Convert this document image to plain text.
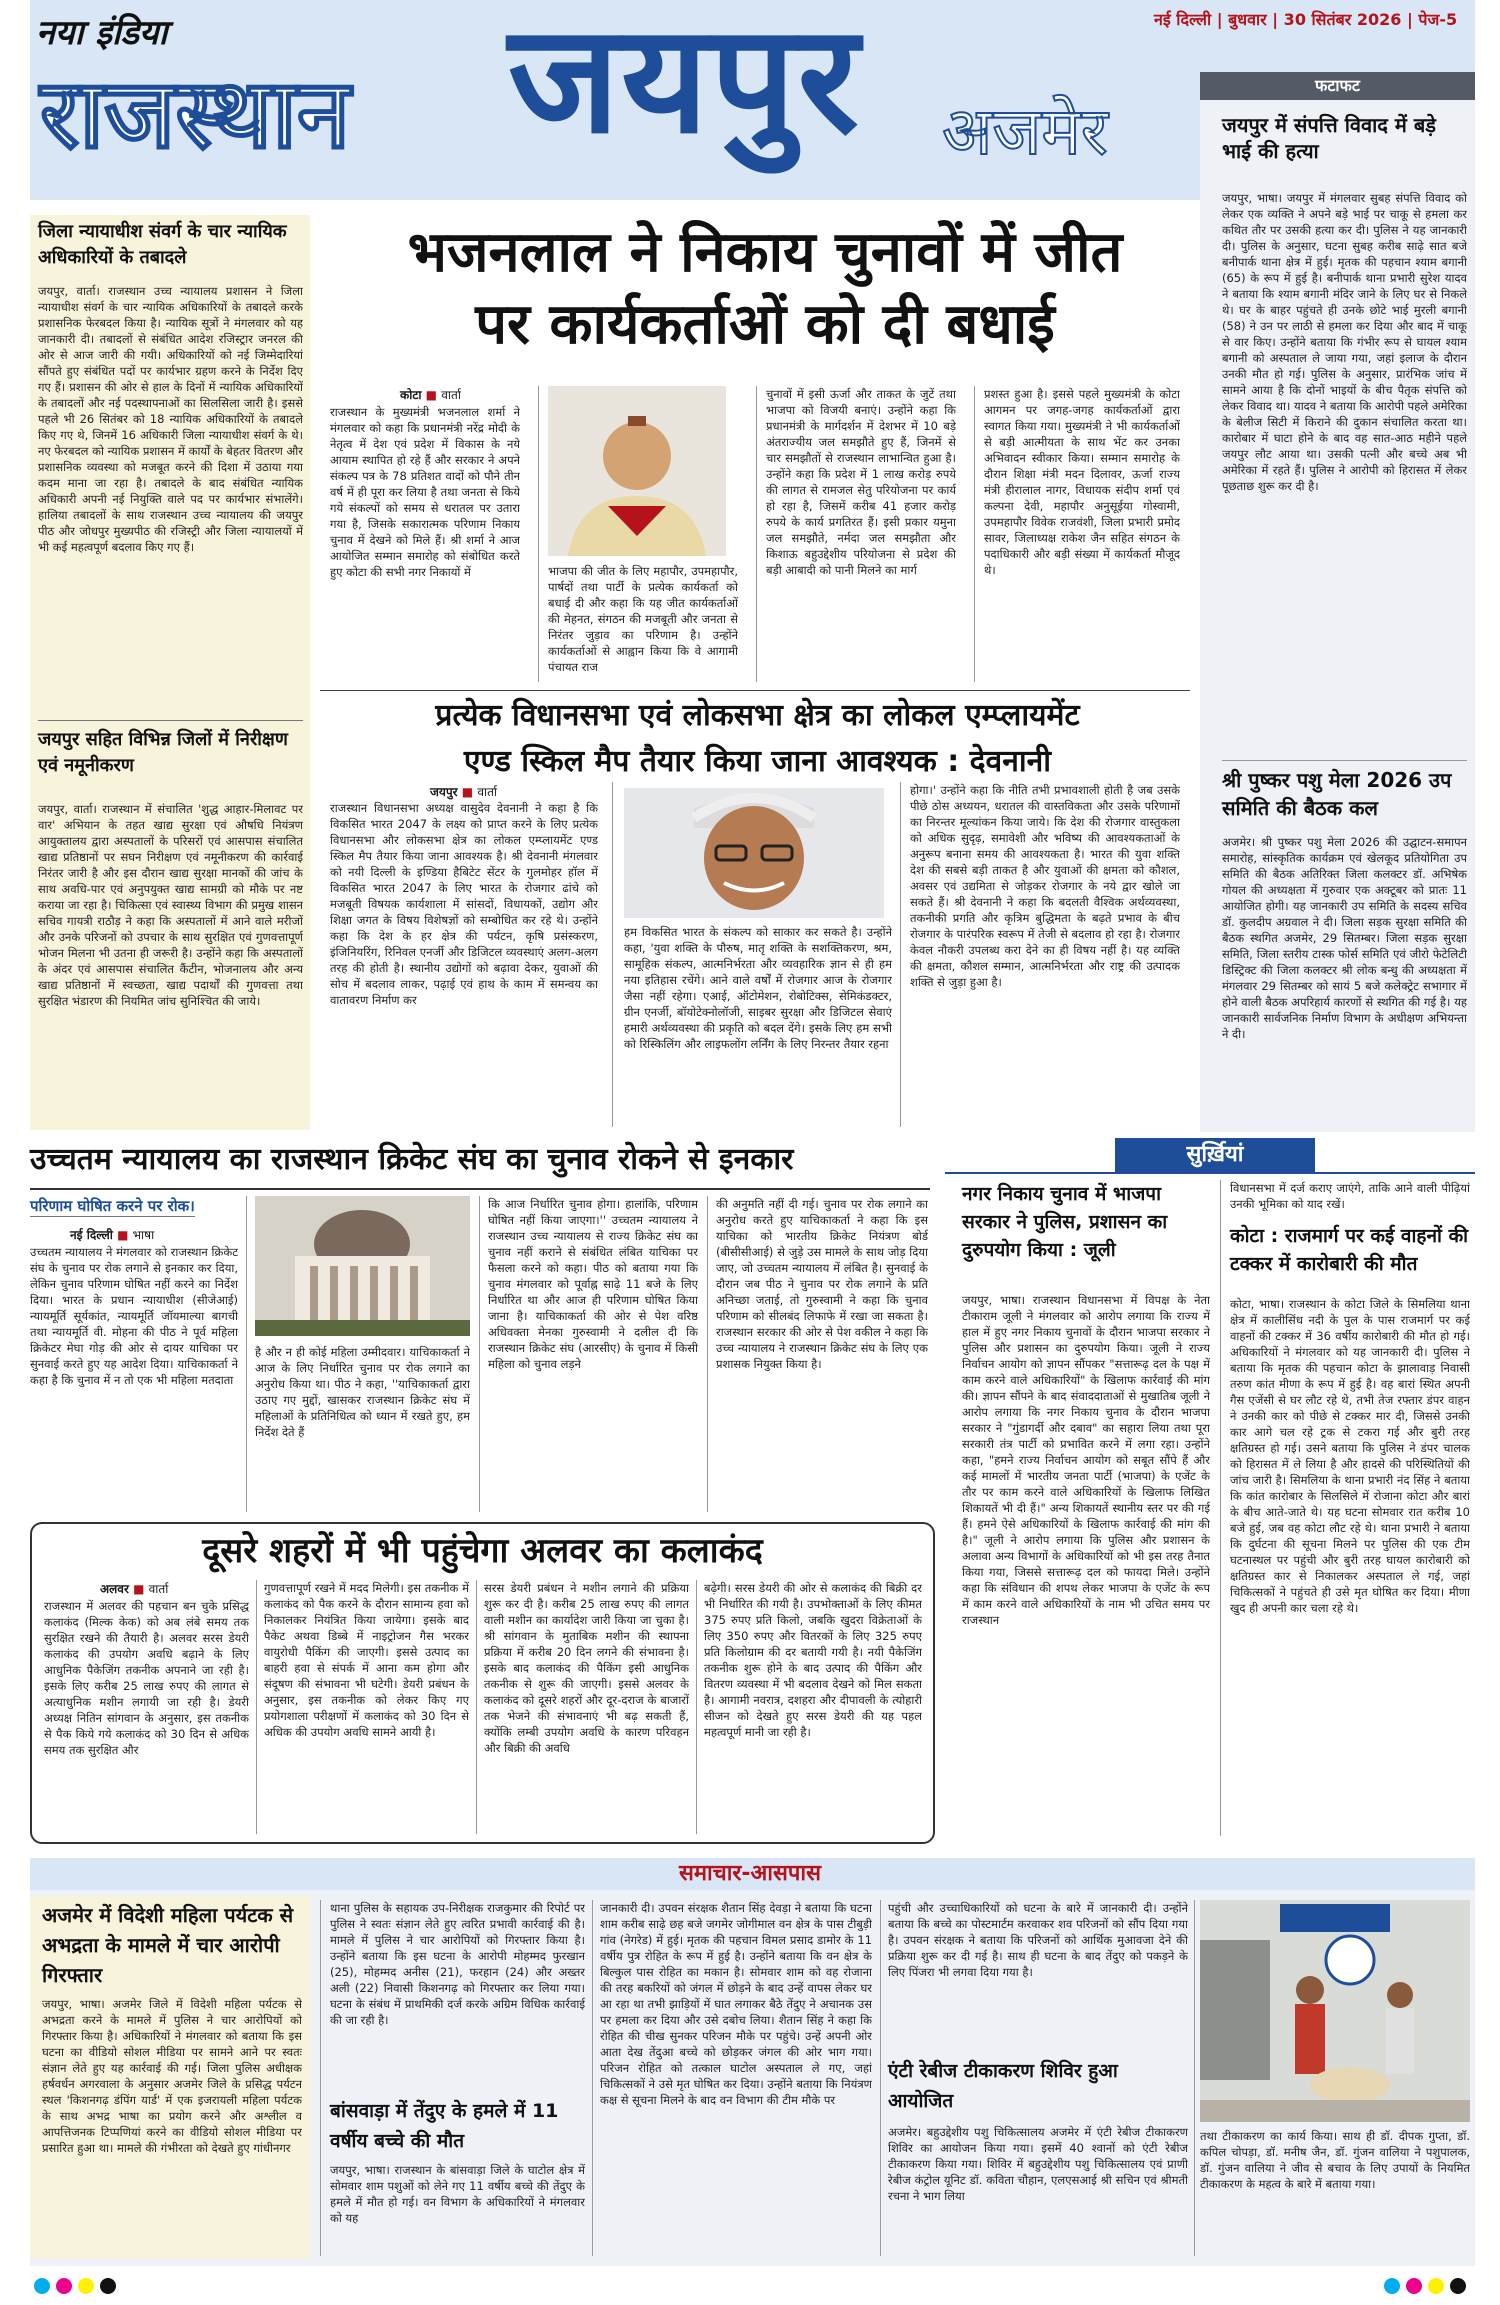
नया इंडिया
राजस्थान जयपुर अजमेर
नई दिल्ली | बुधवार | 30 सितंबर 2026 | पेज-5
फटाफट
जयपुर में संपत्ति विवाद में बड़े भाई की हत्या
जयपुर, भाषा। जयपुर में मंगलवार सुबह संपत्ति विवाद को लेकर एक व्यक्ति ने अपने बड़े भाई पर चाकू से हमला कर कथित तौर पर उसकी हत्या कर दी। पुलिस ने यह जानकारी दी। पुलिस के अनुसार, घटना सुबह करीब साढ़े सात बजे बनीपार्क थाना क्षेत्र में हुई। मृतक की पहचान श्याम बगानी (65) के रूप में हुई है। बनीपार्क थाना प्रभारी सुरेश यादव ने बताया कि श्याम बगानी मंदिर जाने के लिए घर से निकले थे। घर के बाहर पहुंचते ही उनके छोटे भाई मुरली बगानी (58) ने उन पर लाठी से हमला कर दिया और बाद में चाकू से वार किए। उन्होंने बताया कि गंभीर रूप से घायल श्याम बगानी को अस्पताल ले जाया गया, जहां इलाज के दौरान उनकी मौत हो गई। पुलिस के अनुसार, प्रारंभिक जांच में सामने आया है कि दोनों भाइयों के बीच पैतृक संपत्ति को लेकर विवाद था। यादव ने बताया कि आरोपी पहले अमेरिका के बेलीज सिटी में किराने की दुकान संचालित करता था। कारोबार में घाटा होने के बाद वह सात-आठ महीने पहले जयपुर लौट आया था। उसकी पत्नी और बच्चे अब भी अमेरिका में रहते हैं। पुलिस ने आरोपी को हिरासत में लेकर पूछताछ शुरू कर दी है।
श्री पुष्कर पशु मेला 2026 उप समिति की बैठक कल
अजमेर। श्री पुष्कर पशु मेला 2026 की उद्घाटन-समापन समारोह, सांस्कृतिक कार्यक्रम एवं खेलकूद प्रतियोगिता उप समिति की बैठक अतिरिक्त जिला कलक्टर डॉ. अभिषेक गोयल की अध्यक्षता में गुरुवार एक अक्टूबर को प्रातः 11 आयोजित होगी। यह जानकारी उप समिति के सदस्य सचिव डॉ. कुलदीप अग्रवाल ने दी। जिला सड़क सुरक्षा समिति की बैठक स्थगित अजमेर, 29 सितम्बर। जिला सड़क सुरक्षा समिति, जिला स्तरीय टास्क फोर्स समिति एवं जीरो फेटेलिटी डिस्ट्रिक्ट की जिला कलक्टर श्री लोक बन्धु की अध्यक्षता में मंगलवार 29 सितम्बर को सायं 5 बजे कलेक्ट्रेट सभागार में होने वाली बैठक अपरिहार्य कारणों से स्थगित की गई है। यह जानकारी सार्वजनिक निर्माण विभाग के अधीक्षण अभियन्ता ने दी।
जिला न्यायाधीश संवर्ग के चार न्यायिक अधिकारियों के तबादले
जयपुर, वार्ता। राजस्थान उच्च न्यायालय प्रशासन ने जिला न्यायाधीश संवर्ग के चार न्यायिक अधिकारियों के तबादले करके प्रशासनिक फेरबदल किया है। न्यायिक सूत्रों ने मंगलवार को यह जानकारी दी। तबादलों से संबंधित आदेश रजिस्ट्रार जनरल की ओर से आज जारी की गयी। अधिकारियों को नई जिम्मेदारियां सौंपते हुए संबंधित पदों पर कार्यभार ग्रहण करने के निर्देश दिए गए हैं। प्रशासन की ओर से हाल के दिनों में न्यायिक अधिकारियों के तबादलों और नई पदस्थापनाओं का सिलसिला जारी है। इससे पहले भी 26 सितंबर को 18 न्यायिक अधिकारियों के तबादले किए गए थे, जिनमें 16 अधिकारी जिला न्यायाधीश संवर्ग के थे। नए फेरबदल को न्यायिक प्रशासन में कार्यों के बेहतर वितरण और प्रशासनिक व्यवस्था को मजबूत करने की दिशा में उठाया गया कदम माना जा रहा है। तबादले के बाद संबंधित न्यायिक अधिकारी अपनी नई नियुक्ति वाले पद पर कार्यभार संभालेंगे। हालिया तबादलों के साथ राजस्थान उच्च न्यायालय की जयपुर पीठ और जोधपुर मुख्यपीठ की रजिस्ट्री और जिला न्यायालयों में भी कई महत्वपूर्ण बदलाव किए गए हैं।
जयपुर सहित विभिन्न जिलों में निरीक्षण एवं नमूनीकरण
जयपुर, वार्ता। राजस्थान में संचालित 'शुद्ध आहार-मिलावट पर वार' अभियान के तहत खाद्य सुरक्षा एवं औषधि नियंत्रण आयुक्तालय द्वारा अस्पतालों के परिसरों एवं आसपास संचालित खाद्य प्रतिष्ठानों पर सघन निरीक्षण एवं नमूनीकरण की कार्रवाई निरंतर जारी है और इस दौरान खाद्य सुरक्षा मानकों की जांच के साथ अवधि-पार एवं अनुपयुक्त खाद्य सामग्री को मौके पर नष्ट कराया जा रहा है। चिकित्सा एवं स्वास्थ्य विभाग की प्रमुख शासन सचिव गायत्री राठौड़ ने कहा कि अस्पतालों में आने वाले मरीजों और उनके परिजनों को उपचार के साथ सुरक्षित एवं गुणवत्तापूर्ण भोजन मिलना भी उतना ही जरूरी है। उन्होंने कहा कि अस्पतालों के अंदर एवं आसपास संचालित कैंटीन, भोजनालय और अन्य खाद्य प्रतिष्ठानों में स्वच्छता, खाद्य पदार्थों की गुणवत्ता तथा सुरक्षित भंडारण की नियमित जांच सुनिश्चित की जाये।
भजनलाल ने निकाय चुनावों में जीत
पर कार्यकर्ताओं को दी बधाई
कोटा ■ वार्ता
राजस्थान के मुख्यमंत्री भजनलाल शर्मा ने मंगलवार को कहा कि प्रधानमंत्री नरेंद्र मोदी के नेतृत्व में देश एवं प्रदेश में विकास के नये आयाम स्थापित हो रहे हैं और सरकार ने अपने संकल्प पत्र के 78 प्रतिशत वादों को पौने तीन वर्ष में ही पूरा कर लिया है तथा जनता से किये गये संकल्पों को समय से धरातल पर उतारा गया है, जिसके सकारात्मक परिणाम निकाय चुनाव में देखने को मिले हैं। श्री शर्मा ने आज आयोजित सम्मान समारोह को संबोधित करते हुए कोटा की सभी नगर निकायों में	भाजपा की जीत के लिए महापौर, उपमहापौर, पार्षदों तथा पार्टी के प्रत्येक कार्यकर्ता को बधाई दी और कहा कि यह जीत कार्यकर्ताओं की मेहनत, संगठन की मजबूती और जनता से निरंतर जुड़ाव का परिणाम है। उन्होंने कार्यकर्ताओं से आह्वान किया कि वे आगामी पंचायत राज
चुनावों में इसी ऊर्जा और ताकत के जुटें तथा भाजपा को विजयी बनाएं। उन्होंने कहा कि प्रधानमंत्री के मार्गदर्शन में देशभर में 10 बड़े अंतराज्यीय जल समझौते हुए हैं, जिनमें से चार समझौतों से राजस्थान लाभान्वित हुआ है। उन्होंने कहा कि प्रदेश में 1 लाख करोड़ रुपये की लागत से रामजल सेतु परियोजना पर कार्य हो रहा है, जिसमें करीब 41 हजार करोड़ रुपये के कार्य प्रगतिरत हैं। इसी प्रकार यमुना जल समझौते, नर्मदा जल समझौता और किशाऊ बहुउद्देशीय परियोजना से प्रदेश की बड़ी आबादी को पानी मिलने का मार्ग
प्रशस्त हुआ है। इससे पहले मुख्यमंत्री के कोटा आगमन पर जगह-जगह कार्यकर्ताओं द्वारा स्वागत किया गया। मुख्यमंत्री ने भी कार्यकर्ताओं से बड़ी आत्मीयता के साथ भेंट कर उनका अभिवादन स्वीकार किया। सम्मान समारोह के दौरान शिक्षा मंत्री मदन दिलावर, ऊर्जा राज्य मंत्री हीरालाल नागर, विधायक संदीप शर्मा एवं कल्पना देवी, महापौर अनुसूईया गोस्वामी, उपमहापौर विवेक राजवंशी, जिला प्रभारी प्रमोद सावर, जिलाध्यक्ष राकेश जैन सहित संगठन के पदाधिकारी और बड़ी संख्या में कार्यकर्ता मौजूद थे।
प्रत्येक विधानसभा एवं लोकसभा क्षेत्र का लोकल एम्प्लायमेंट
एण्ड स्किल मैप तैयार किया जाना आवश्यक : देवनानी
जयपुर ■ वार्ता
राजस्थान विधानसभा अध्यक्ष वासुदेव देवनानी ने कहा है कि विकसित भारत 2047 के लक्ष्य को प्राप्त करने के लिए प्रत्येक विधानसभा और लोकसभा क्षेत्र का लोकल एम्प्लायमेंट एण्ड स्किल मैप तैयार किया जाना आवश्यक है। श्री देवनानी मंगलवार को नयी दिल्ली के इण्डिया हैबिटेट सेंटर के गुलमोहर हॉल में विकसित भारत 2047 के लिए भारत के रोजगार ढांचे को मजबूती विषयक कार्यशाला में सांसदों, विधायकों, उद्योग और शिक्षा जगत के विषय विशेषज्ञों को सम्बोधित कर रहे थे। उन्होंने कहा कि देश के हर क्षेत्र की पर्यटन, कृषि प्रसंस्करण, इंजिनियरिंग, रिनिवल एनर्जी और डिजिटल व्यवस्थाएं अलग-अलग तरह की होती है। स्थानीय उद्योगों को बढ़ावा देकर, युवाओं की सोच में बदलाव लाकर, पढ़ाई एवं हाथ के काम में समन्वय का वातावरण निर्माण कर
हम विकसित भारत के संकल्प को साकार कर सकते है। उन्होंने कहा, 'युवा शक्ति के पौरुष, मातृ शक्ति के सशक्तिकरण, श्रम, सामूहिक संकल्प, आत्मनिर्भरता और व्यवहारिक ज्ञान से ही हम नया इतिहास रचेंगे। आने वाले वर्षों में रोजगार आज के रोजगार जैसा नहीं रहेगा। एआई, ऑटोमेशन, रोबोटिक्स, सेमिकंडक्टर, ग्रीन एनर्जी, बॉयोटेक्नोलॉजी, साइबर सुरक्षा और डिजिटल सेवाएं हमारी अर्थव्यवस्था की प्रकृति को बदल देंगे। इसके लिए हम सभी को रिस्किलिंग और लाइफलोंग लर्निंग के लिए निरन्तर तैयार रहना
होगा।' उन्होंने कहा कि नीति तभी प्रभावशाली होती है जब उसके पीछे ठोस अध्ययन, धरातल की वास्तविकता और उसके परिणामों का निरन्तर मूल्यांकन किया जाये। कि देश की रोजगार वास्तुकला को अधिक सुदृढ़, समावेशी और भविष्य की आवश्यकताओं के अनुरूप बनाना समय की आवश्यकता है। भारत की युवा शक्ति देश की सबसे बड़ी ताकत है और युवाओं की क्षमता को कौशल, अवसर एवं उद्यमिता से जोड़कर रोजगार के नये द्वार खोले जा सकते हैं। श्री देवनानी ने कहा कि बदलती वैश्विक अर्थव्यवस्था, तकनीकी प्रगति और कृत्रिम बुद्धिमता के बढ़ते प्रभाव के बीच रोजगार के पारंपरिक स्वरूप में तेजी से बदलाव हो रहा है। रोजगार केवल नौकरी उपलब्ध करा देने का ही विषय नहीं है। यह व्यक्ति की क्षमता, कौशल सम्मान, आत्मनिर्भरता और राष्ट्र की उत्पादक शक्ति से जुड़ा हुआ है।
उच्चतम न्यायालय का राजस्थान क्रिकेट संघ का चुनाव रोकने से इनकार
परिणाम घोषित करने पर रोक।
नई दिल्ली ■ भाषा
उच्चतम न्यायालय ने मंगलवार को राजस्थान क्रिकेट संघ के चुनाव पर रोक लगाने से इनकार कर दिया, लेकिन चुनाव परिणाम घोषित नहीं करने का निर्देश दिया। भारत के प्रधान न्यायाधीश (सीजेआई) न्यायमूर्ति सूर्यकांत, न्यायमूर्ति जॉयमाल्या बागची तथा न्यायमूर्ति वी. मोहना की पीठ ने पूर्व महिला क्रिकेटर मेघा गोड़ की ओर से दायर याचिका पर सुनवाई करते हुए यह आदेश दिया। याचिकाकर्ता ने कहा है कि चुनाव में न तो एक भी महिला मतदाता
है और न ही कोई महिला उम्मीदवार। याचिकाकर्ता ने आज के लिए निर्धारित चुनाव पर रोक लगाने का अनुरोध किया था। पीठ ने कहा, ''याचिकाकर्ता द्वारा उठाए गए मुद्दों, खासकर राजस्थान क्रिकेट संघ में महिलाओं के प्रतिनिधित्व को ध्यान में रखते हुए, हम निर्देश देते हैं
कि आज निर्धारित चुनाव होगा। हालांकि, परिणाम घोषित नहीं किया जाएगा।'' उच्चतम न्यायालय ने राजस्थान उच्च न्यायालय से राज्य क्रिकेट संघ का चुनाव नहीं कराने से संबंधित लंबित याचिका पर फैसला करने को कहा। पीठ को बताया गया कि चुनाव मंगलवार को पूर्वाह्न साढ़े 11 बजे के लिए निर्धारित था और आज ही परिणाम घोषित किया जाना है। याचिकाकर्ता की ओर से पेश वरिष्ठ अधिवक्ता मेनका गुरुस्वामी ने दलील दी कि राजस्थान क्रिकेट संघ (आरसीए) के चुनाव में किसी महिला को चुनाव लड़ने
की अनुमति नहीं दी गई। चुनाव पर रोक लगाने का अनुरोध करते हुए याचिकाकर्ता ने कहा कि इस याचिका को भारतीय क्रिकेट नियंत्रण बोर्ड (बीसीसीआई) से जुड़े उस मामले के साथ जोड़ दिया जाए, जो उच्चतम न्यायालय में लंबित है। सुनवाई के दौरान जब पीठ ने चुनाव पर रोक लगाने के प्रति अनिच्छा जताई, तो गुरुस्वामी ने कहा कि चुनाव परिणाम को सीलबंद लिफाफे में रखा जा सकता है। राजस्थान सरकार की ओर से पेश वकील ने कहा कि उच्च न्यायालय ने राजस्थान क्रिकेट संघ के लिए एक प्रशासक नियुक्त किया है।
सुर्ख़ियां
नगर निकाय चुनाव में भाजपा सरकार ने पुलिस, प्रशासन का दुरुपयोग किया : जूली
जयपुर, भाषा। राजस्थान विधानसभा में विपक्ष के नेता टीकाराम जूली ने मंगलवार को आरोप लगाया कि राज्य में हाल में हुए नगर निकाय चुनावों के दौरान भाजपा सरकार ने पुलिस और प्रशासन का दुरुपयोग किया। जूली ने राज्य निर्वाचन आयोग को ज्ञापन सौंपकर "सत्तारूढ़ दल के पक्ष में काम करने वाले अधिकारियों" के खिलाफ कार्रवाई की मांग की। ज्ञापन सौंपने के बाद संवाददाताओं से मुखातिब जूली ने आरोप लगाया कि नगर निकाय चुनाव के दौरान भाजपा सरकार ने "गुंडागर्दी और दबाव" का सहारा लिया तथा पूरा सरकारी तंत्र पार्टी को प्रभावित करने में लगा रहा। उन्होंने कहा, "हमने राज्य निर्वाचन आयोग को सबूत सौंपे हैं और कई मामलों में भारतीय जनता पार्टी (भाजपा) के एजेंट के तौर पर काम करने वाले अधिकारियों के खिलाफ लिखित शिकायतें भी दी हैं।" अन्य शिकायतें स्थानीय स्तर पर की गई हैं। हमने ऐसे अधिकारियों के खिलाफ कार्रवाई की मांग की है।" जूली ने आरोप लगाया कि पुलिस और प्रशासन के अलावा अन्य विभागों के अधिकारियों को भी इस तरह तैनात किया गया, जिससे सत्तारूढ़ दल को फायदा मिले। उन्होंने कहा कि संविधान की शपथ लेकर भाजपा के एजेंट के रूप में काम करने वाले अधिकारियों के नाम भी उचित समय पर राजस्थान
विधानसभा में दर्ज कराए जाएंगे, ताकि आने वाली पीढ़ियां उनकी भूमिका को याद रखें।
कोटा : राजमार्ग पर कई वाहनों की टक्कर में कारोबारी की मौत
कोटा, भाषा। राजस्थान के कोटा जिले के सिमलिया थाना क्षेत्र में कालीसिंध नदी के पुल के पास राजमार्ग पर कई वाहनों की टक्कर में 36 वर्षीय कारोबारी की मौत हो गई। अधिकारियों ने मंगलवार को यह जानकारी दी। पुलिस ने बताया कि मृतक की पहचान कोटा के झालावाड़ निवासी तरुण कांत मीणा के रूप में हुई है। वह बारां स्थित अपनी गैस एजेंसी से घर लौट रहे थे, तभी तेज रफ्तार डंपर वाहन ने उनकी कार को पीछे से टक्कर मार दी, जिससे उनकी कार आगे चल रहे ट्रक से टकरा गई और बुरी तरह क्षतिग्रस्त हो गई। उसने बताया कि पुलिस ने डंपर चालक को हिरासत में ले लिया है और हादसे की परिस्थितियों की जांच जारी है। सिमलिया के थाना प्रभारी नंद सिंह ने बताया कि कांत कारोबार के सिलसिले में रोजाना कोटा और बारां के बीच आते-जाते थे। यह घटना सोमवार रात करीब 10 बजे हुई, जब वह कोटा लौट रहे थे। थाना प्रभारी ने बताया कि दुर्घटना की सूचना मिलने पर पुलिस की एक टीम घटनास्थल पर पहुंची और बुरी तरह घायल कारोबारी को क्षतिग्रस्त कार से निकालकर अस्पताल ले गई, जहां चिकित्सकों ने पहुंचते ही उसे मृत घोषित कर दिया। मीणा खुद ही अपनी कार चला रहे थे।
दूसरे शहरों में भी पहुंचेगा अलवर का कलाकंद
अलवर ■ वार्ता
राजस्थान में अलवर की पहचान बन चुके प्रसिद्ध कलाकंद (मिल्क केक) को अब लंबे समय तक सुरक्षित रखने की तैयारी है। अलवर सरस डेयरी कलाकंद की उपयोग अवधि बढ़ाने के लिए आधुनिक पैकेजिंग तकनीक अपनाने जा रही है। इसके लिए करीब 25 लाख रुपए की लागत से अत्याधुनिक मशीन लगायी जा रही है। डेयरी अध्यक्ष नितिन सांगवान के अनुसार, इस तकनीक से पैक किये गये कलाकंद को 30 दिन से अधिक समय तक सुरक्षित और
गुणवत्तापूर्ण रखने में मदद मिलेगी। इस तकनीक में कलाकंद को पैक करने के दौरान सामान्य हवा को निकालकर नियंत्रित किया जायेगा। इसके बाद पैकेट अथवा डिब्बे में नाइट्रोजन गैस भरकर वायुरोधी पैकिंग की जाएगी। इससे उत्पाद का बाहरी हवा से संपर्क में आना कम होगा और संदूषण की संभावना भी घटेगी। डेयरी प्रबंधन के अनुसार, इस तकनीक को लेकर किए गए प्रयोगशाला परीक्षणों में कलाकंद को 30 दिन से अधिक की उपयोग अवधि सामने आयी है।
सरस डेयरी प्रबंधन ने मशीन लगाने की प्रक्रिया शुरू कर दी है। करीब 25 लाख रुपए की लागत वाली मशीन का कार्यादेश जारी किया जा चुका है। श्री सांगवान के मुताबिक मशीन की स्थापना प्रक्रिया में करीब 20 दिन लगने की संभावना है। इसके बाद कलाकंद की पैकिंग इसी आधुनिक तकनीक से शुरू की जाएगी। इससे अलवर के कलाकंद को दूसरे शहरों और दूर-दराज के बाजारों तक भेजने की संभावनाएं भी बढ़ सकती हैं, क्योंकि लम्बी उपयोग अवधि के कारण परिवहन और बिक्री की अवधि
बढ़ेगी। सरस डेयरी की ओर से कलाकंद की बिक्री दर भी निर्धारित की गयी है। उपभोक्ताओं के लिए कीमत 375 रुपए प्रति किलो, जबकि खुदरा विक्रेताओं के लिए 350 रुपए और वितरकों के लिए 325 रुपए प्रति किलोग्राम की दर बतायी गयी है। नयी पैकेजिंग तकनीक शुरू होने के बाद उत्पाद की पैकिंग और वितरण व्यवस्था में भी बदलाव देखने को मिल सकता है। आगामी नवरात्र, दशहरा और दीपावली के त्योहारी सीजन को देखते हुए सरस डेयरी की यह पहल महत्वपूर्ण मानी जा रही है।
समाचार-आसपास
अजमेर में विदेशी महिला पर्यटक से अभद्रता के मामले में चार आरोपी गिरफ्तार
जयपुर, भाषा। अजमेर जिले में विदेशी महिला पर्यटक से अभद्रता करने के मामले में पुलिस ने चार आरोपियों को गिरफ्तार किया है। अधिकारियों ने मंगलवार को बताया कि इस घटना का वीडियो सोशल मीडिया पर सामने आने पर स्वतः संज्ञान लेते हुए यह कार्रवाई की गई। जिला पुलिस अधीक्षक हर्षवर्धन अगरवाला के अनुसार अजमेर जिले के प्रसिद्ध पर्यटन स्थल 'किशनगढ़ डंपिंग यार्ड' में एक इजरायली महिला पर्यटक के साथ अभद्र भाषा का प्रयोग करने और अश्लील व आपत्तिजनक टिप्पणियां करने का वीडियो सोशल मीडिया पर प्रसारित हुआ था। मामले की गंभीरता को देखते हुए गांधीनगर
थाना पुलिस के सहायक उप-निरीक्षक राजकुमार की रिपोर्ट पर पुलिस ने स्वतः संज्ञान लेते हुए त्वरित प्रभावी कार्रवाई की है। मामले में पुलिस ने चार आरोपियों को गिरफ्तार किया है। उन्होंने बताया कि इस घटना के आरोपी मोहम्मद फुरखान (25), मोहम्मद अनीस (21), फरहान (24) और अख्तर अली (22) निवासी किशनगढ़ को गिरफ्तार कर लिया गया। घटना के संबंध में प्राथमिकी दर्ज करके अग्रिम विधिक कार्रवाई की जा रही है।
बांसवाड़ा में तेंदुए के हमले में 11 वर्षीय बच्चे की मौत
जयपुर, भाषा। राजस्थान के बांसवाड़ा जिले के घाटोल क्षेत्र में सोमवार शाम पशुओं को लेने गए 11 वर्षीय बच्चे की तेंदुए के हमले में मौत हो गई। वन विभाग के अधिकारियों ने मंगलवार को यह
जानकारी दी। उपवन संरक्षक शैतान सिंह देवड़ा ने बताया कि घटना शाम करीब साढ़े छह बजे जगमेर जोगीमाल वन क्षेत्र के पास टीबुड़ी गांव (नेगरेड) में हुई। मृतक की पहचान विमल प्रसाद डामोर के 11 वर्षीय पुत्र रोहित के रूप में हुई है। उन्होंने बताया कि वन क्षेत्र के बिल्कुल पास रोहित का मकान है। सोमवार शाम को वह रोजाना की तरह बकरियों को जंगल में छोड़ने के बाद उन्हें वापस लेकर घर आ रहा था तभी झाड़ियों में घात लगाकर बैठे तेंदुए ने अचानक उस पर हमला कर दिया और उसे दबोच लिया। शैतान सिंह ने कहा कि रोहित की चीख सुनकर परिजन मौके पर पहुंचे। उन्हें अपनी ओर आता देख तेंदुआ बच्चे को छोड़कर जंगल की ओर भाग गया। परिजन रोहित को तत्काल घाटोल अस्पताल ले गए, जहां चिकित्सकों ने उसे मृत घोषित कर दिया। उन्होंने बताया कि नियंत्रण कक्ष से सूचना मिलने के बाद वन विभाग की टीम मौके पर
पहुंची और उच्चाधिकारियों को घटना के बारे में जानकारी दी। उन्होंने बताया कि बच्चे का पोस्टमार्टम करवाकर शव परिजनों को सौंप दिया गया है। उपवन संरक्षक ने बताया कि परिजनों को आर्थिक मुआवजा देने की प्रक्रिया शुरू कर दी गई है। साथ ही घटना के बाद तेंदुए को पकड़ने के लिए पिंजरा भी लगवा दिया गया है।
एंटी रेबीज टीकाकरण शिविर हुआ आयोजित
अजमेर। बहुउद्देशीय पशु चिकित्सालय अजमेर में एंटी रेबीज टीकाकरण शिविर का आयोजन किया गया। इसमें 40 श्वानों को एंटी रेबीज टीकाकरण किया गया। शिविर में बहुउद्देशीय पशु चिकित्सालय एवं प्राणी रेबीज कंट्रोल यूनिट डॉ. कविता चौहान, एलएसआई श्री सचिन एवं श्रीमती रचना ने भाग लिया
तथा टीकाकरण का कार्य किया। साथ ही डॉ. दीपक गुप्ता, डॉ. कपिल चोपड़ा, डॉ. मनीष जैन, डॉ. गुंजन वालिया ने पशुपालक, डॉ. गुंजन वालिया ने जीव से बचाव के लिए उपायों के नियमित टीकाकरण के महत्व के बारे में बताया गया।
